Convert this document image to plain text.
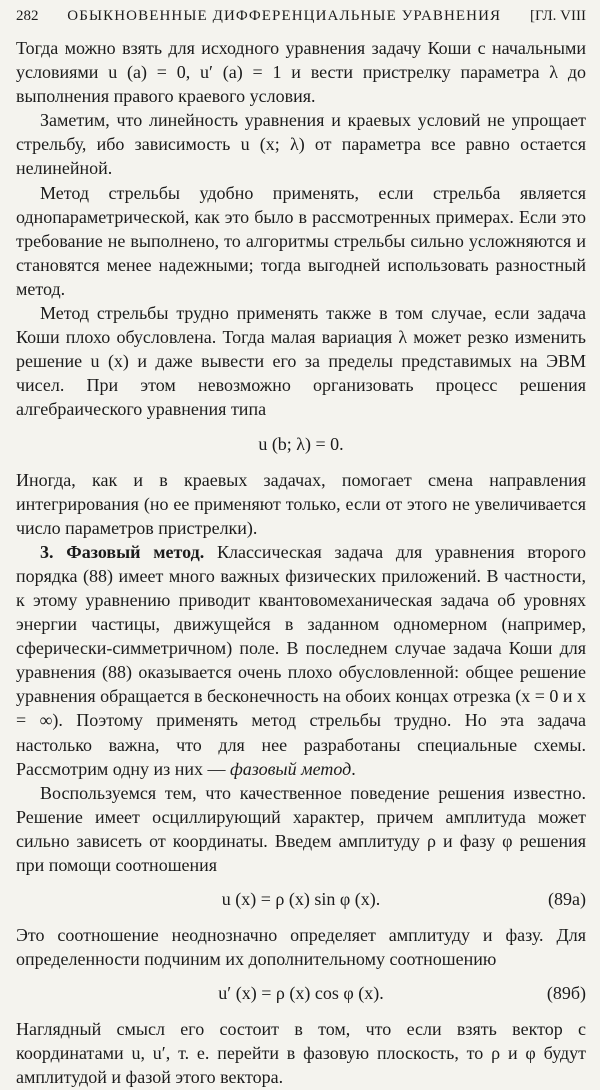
282 ОБЫКНОВЕННЫЕ ДИФФЕРЕНЦИАЛЬНЫЕ УРАВНЕНИЯ [ГЛ. VIII

Тогда можно взять для исходного уравнения задачу Коши с начальными условиями u (a) = 0, u′ (a) = 1 и вести пристрелку параметра λ до выполнения правого краевого условия.

Заметим, что линейность уравнения и краевых условий не упрощает стрельбу, ибо зависимость u (x; λ) от параметра все равно остается нелинейной.

Метод стрельбы удобно применять, если стрельба является однопараметрической, как это было в рассмотренных примерах. Если это требование не выполнено, то алгоритмы стрельбы сильно усложняются и становятся менее надежными; тогда выгодней использовать разностный метод.

Метод стрельбы трудно применять также в том случае, если задача Коши плохо обусловлена. Тогда малая вариация λ может резко изменить решение u (x) и даже вывести его за пределы представимых на ЭВМ чисел. При этом невозможно организовать процесс решения алгебраического уравнения типа

u (b; λ) = 0.

Иногда, как и в краевых задачах, помогает смена направления интегрирования (но ее применяют только, если от этого не увеличивается число параметров пристрелки).

3. Фазовый метод. Классическая задача для уравнения второго порядка (88) имеет много важных физических приложений. В частности, к этому уравнению приводит квантовомеханическая задача об уровнях энергии частицы, движущейся в заданном одномерном (например, сферически-симметричном) поле. В последнем случае задача Коши для уравнения (88) оказывается очень плохо обусловленной: общее решение уравнения обращается в бесконечность на обоих концах отрезка (x = 0 и x = ∞). Поэтому применять метод стрельбы трудно. Но эта задача настолько важна, что для нее разработаны специальные схемы. Рассмотрим одну из них — фазовый метод.

Воспользуемся тем, что качественное поведение решения известно. Решение имеет осциллирующий характер, причем амплитуда может сильно зависеть от координаты. Введем амплитуду ρ и фазу φ решения при помощи соотношения

u (x) = ρ (x) sin φ (x).	(89a)

Это соотношение неоднозначно определяет амплитуду и фазу. Для определенности подчиним их дополнительному соотношению

u′ (x) = ρ (x) cos φ (x).	(89б)

Наглядный смысл его состоит в том, что если взять вектор с координатами u, u′, т. е. перейти в фазовую плоскость, то ρ и φ будут амплитудой и фазой этого вектора.
